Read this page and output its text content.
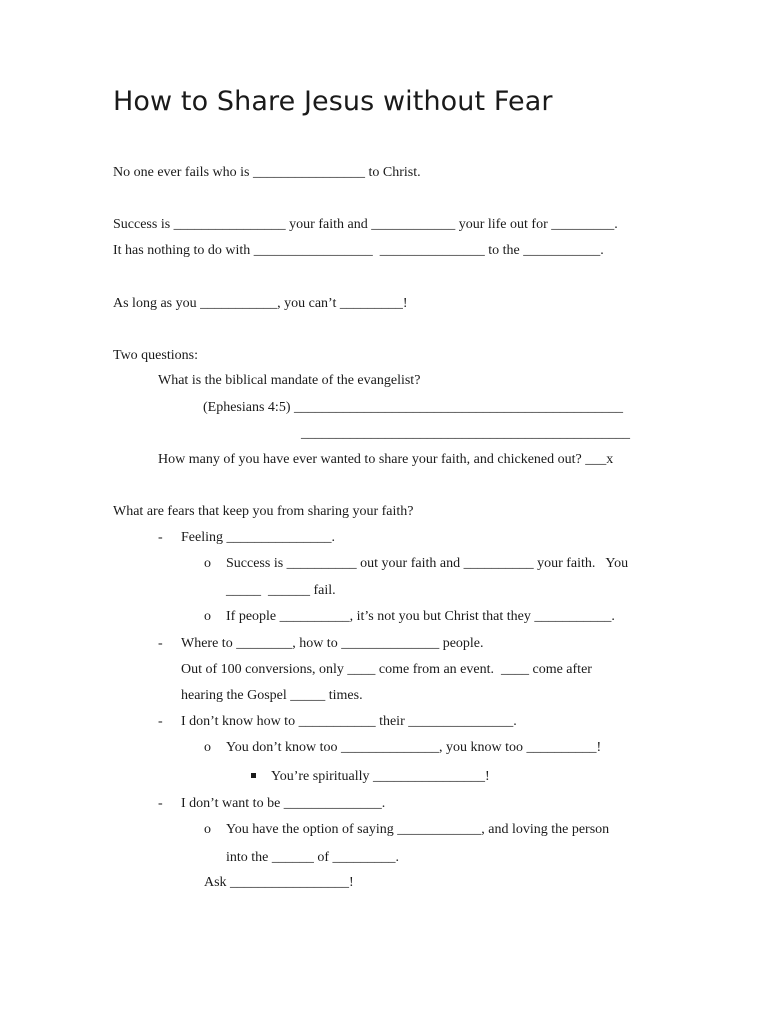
How to Share Jesus without Fear
No one ever fails who is ________________ to Christ.
Success is ________________ your faith and ____________ your life out for _________.
It has nothing to do with _________________  _______________ to the ___________.
As long as you ___________, you can’t _________!
Two questions:
What is the biblical mandate of the evangelist?
(Ephesians 4:5) _______________________________________________
_______________________________________________
How many of you have ever wanted to share your faith, and chickened out? ___x
What are fears that keep you from sharing your faith?
- Feeling _______________.
o Success is __________ out your faith and __________ your faith.   You
_____  ______ fail.
o If people __________, it’s not you but Christ that they ___________.
- Where to ________, how to ______________ people.
Out of 100 conversions, only ____ come from an event.  ____ come after
hearing the Gospel _____ times.
- I don’t know how to ___________ their _______________.
o You don’t know too ______________, you know too __________!
You’re spiritually ________________!
- I don’t want to be ______________.
o You have the option of saying ____________, and loving the person
into the ______ of _________.
Ask _________________!
